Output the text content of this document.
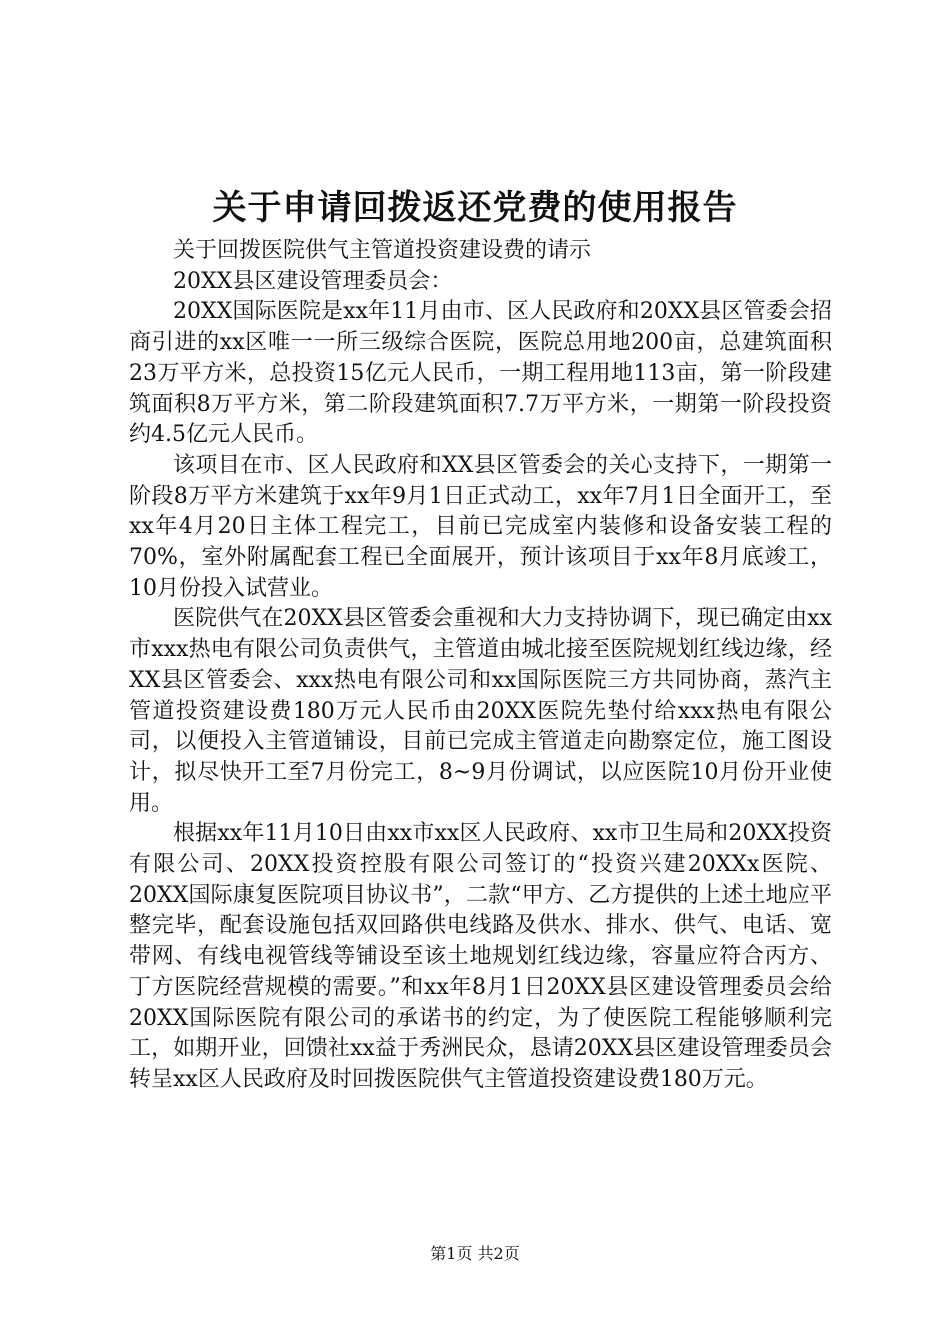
关于申请回拨返还党费的使用报告

关于回拨医院供气主管道投资建设费的请示

20XX县区建设管理委员会：

20XX国际医院是xx年11月由市、区人民政府和20XX县区管委会招商引进的xx区唯一一所三级综合医院，医院总用地200亩，总建筑面积23万平方米，总投资15亿元人民币，一期工程用地113亩，第一阶段建筑面积8万平方米，第二阶段建筑面积7.7万平方米，一期第一阶段投资约4.5亿元人民币。

该项目在市、区人民政府和XX县区管委会的关心支持下，一期第一阶段8万平方米建筑于xx年9月1日正式动工，xx年7月1日全面开工，至xx年4月20日主体工程完工，目前已完成室内装修和设备安装工程的70%，室外附属配套工程已全面展开，预计该项目于xx年8月底竣工，10月份投入试营业。

医院供气在20XX县区管委会重视和大力支持协调下，现已确定由xx市xxx热电有限公司负责供气，主管道由城北接至医院规划红线边缘，经XX县区管委会、xxx热电有限公司和xx国际医院三方共同协商，蒸汽主管道投资建设费180万元人民币由20XX医院先垫付给xxx热电有限公司，以便投入主管道铺设，目前已完成主管道走向勘察定位，施工图设计，拟尽快开工至7月份完工，8~9月份调试，以应医院10月份开业使用。

根据xx年11月10日由xx市xx区人民政府、xx市卫生局和20XX投资有限公司、20XX投资控股有限公司签订的“投资兴建20XXx医院、20XX国际康复医院项目协议书”，二款“甲方、乙方提供的上述土地应平整完毕，配套设施包括双回路供电线路及供水、排水、供气、电话、宽带网、有线电视管线等铺设至该土地规划红线边缘，容量应符合丙方、丁方医院经营规模的需要。”和xx年8月1日20XX县区建设管理委员会给20XX国际医院有限公司的承诺书的约定，为了使医院工程能够顺利完工，如期开业，回馈社xx益于秀洲民众，恳请20XX县区建设管理委员会转呈xx区人民政府及时回拨医院供气主管道投资建设费180万元。

第1页 共2页
